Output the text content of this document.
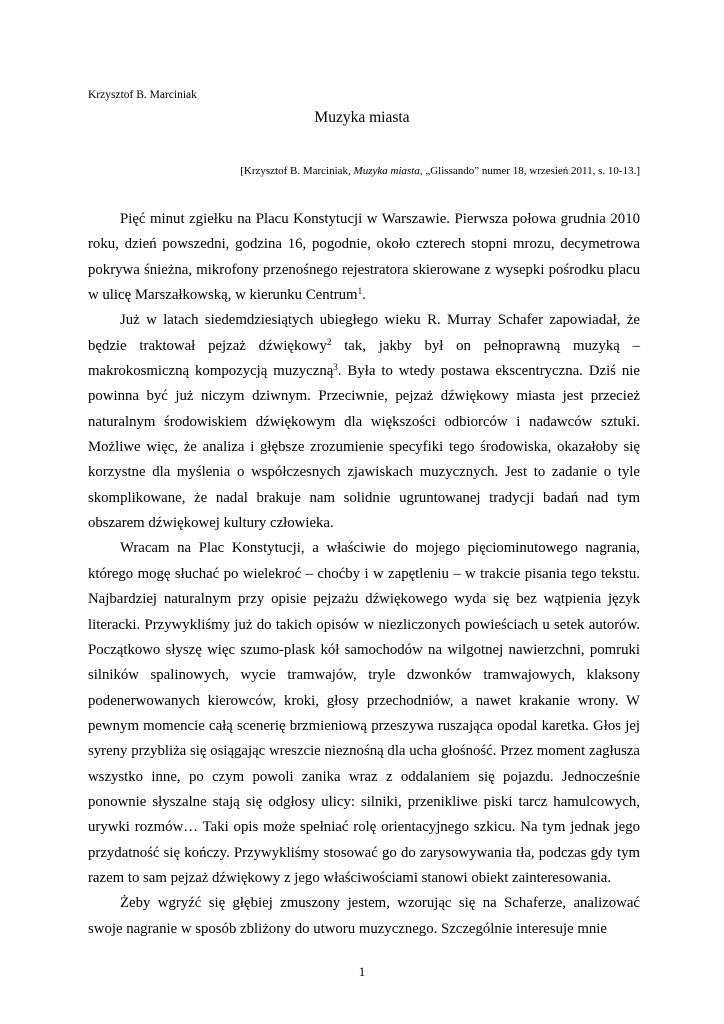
Krzysztof B. Marciniak
Muzyka miasta
[Krzysztof B. Marciniak, Muzyka miasta, „Glissando” numer 18, wrzesień 2011, s. 10-13.]

Pięć minut zgiełku na Placu Konstytucji w Warszawie. Pierwsza połowa grudnia 2010 roku, dzień powszedni, godzina 16, pogodnie, około czterech stopni mrozu, decymetrowa pokrywa śnieżna, mikrofony przenośnego rejestratora skierowane z wysepki pośrodku placu w ulicę Marszałkowską, w kierunku Centrum$^1$.

Już w latach siedemdziesiątych ubiegłego wieku R. Murray Schafer zapowiadał, że będzie traktował pejzaż dźwiękowy$^2$ tak, jakby był on pełnoprawną muzyką – makrokosmiczną kompozycją muzyczną$^3$. Była to wtedy postawa ekscentryczna. Dziś nie powinna być już niczym dziwnym. Przeciwnie, pejzaż dźwiękowy miasta jest przecież naturalnym środowiskiem dźwiękowym dla większości odbiorców i nadawców sztuki. Możliwe więc, że analiza i głębsze zrozumienie specyfiki tego środowiska, okazałoby się korzystne dla myślenia o współczesnych zjawiskach muzycznych. Jest to zadanie o tyle skomplikowane, że nadal brakuje nam solidnie ugruntowanej tradycji badań nad tym obszarem dźwiękowej kultury człowieka.

Wracam na Plac Konstytucji, a właściwie do mojego pięciominutowego nagrania, którego mogę słuchać po wielekroć – choćby i w zapętleniu – w trakcie pisania tego tekstu. Najbardziej naturalnym przy opisie pejzażu dźwiękowego wyda się bez wątpienia język literacki. Przywykliśmy już do takich opisów w niezliczonych powieściach u setek autorów. Początkowo słyszę więc szumo-plask kół samochodów na wilgotnej nawierzchni, pomruki silników spalinowych, wycie tramwajów, tryle dzwonków tramwajowych, klaksony podenerwowanych kierowców, kroki, głosy przechodniów, a nawet krakanie wrony. W pewnym momencie całą scenerię brzmieniową przeszywa ruszająca opodal karetka. Głos jej syreny przybliża się osiągając wreszcie nieznośną dla ucha głośność. Przez moment zagłusza wszystko inne, po czym powoli zanika wraz z oddalaniem się pojazdu. Jednocześnie ponownie słyszalne stają się odgłosy ulicy: silniki, przenikliwe piski tarcz hamulcowych, urywki rozmów… Taki opis może spełniać rolę orientacyjnego szkicu. Na tym jednak jego przydatność się kończy. Przywykliśmy stosować go do zarysowywania tła, podczas gdy tym razem to sam pejzaż dźwiękowy z jego właściwościami stanowi obiekt zainteresowania.

Żeby wgryźć się głębiej zmuszony jestem, wzorując się na Schaferze, analizować swoje nagranie w sposób zbliżony do utworu muzycznego. Szczególnie interesuje mnie

1
